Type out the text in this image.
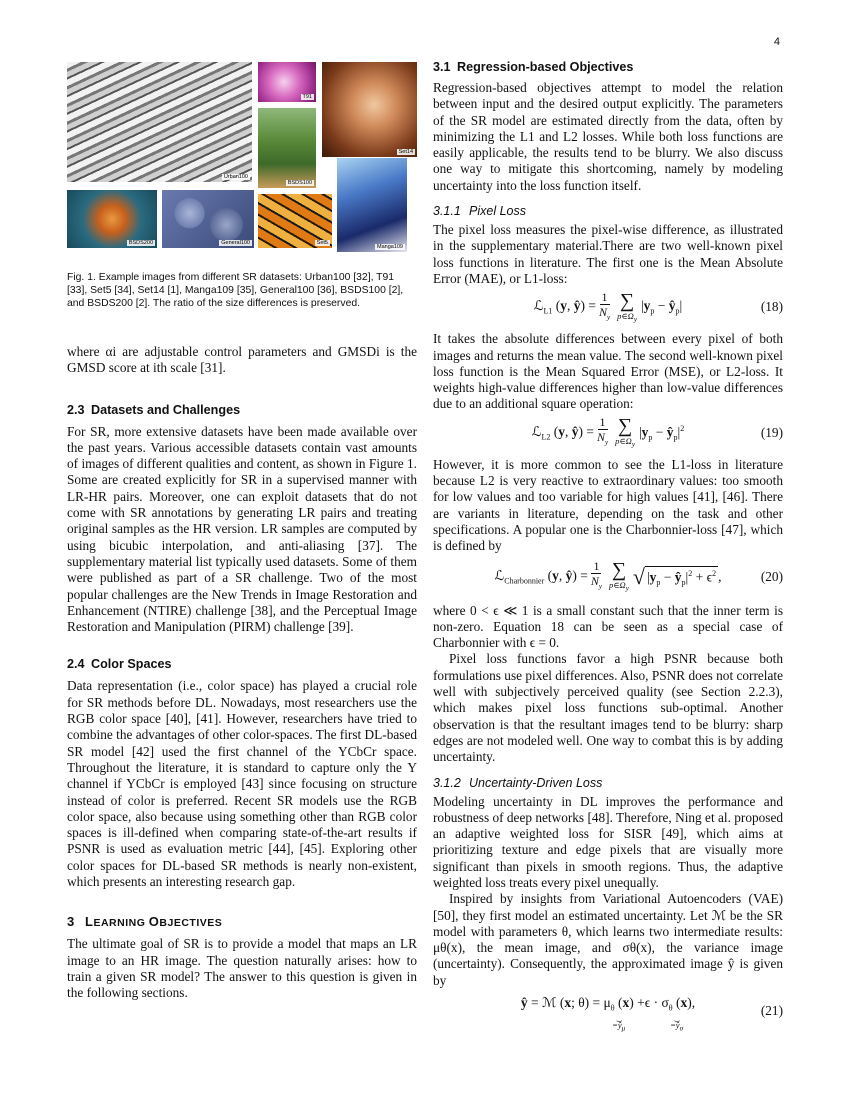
4
Urban100
T91
Set14
BSDS100
Manga109
BSDS200	General100	Set5

Fig. 1. Example images from different SR datasets: Urban100 [32], T91 [33], Set5 [34], Set14 [1], Manga109 [35], General100 [36], BSDS100 [2], and BSDS200 [2]. The ratio of the size differences is preserved.

where αi are adjustable control parameters and GMSDi is the GMSD score at ith scale [31].

2.3 Datasets and Challenges

For SR, more extensive datasets have been made available over the past years. Various accessible datasets contain vast amounts of images of different qualities and content, as shown in Figure 1. Some are created explicitly for SR in a supervised manner with LR-HR pairs. Moreover, one can exploit datasets that do not come with SR annotations by generating LR pairs and treating original samples as the HR version. LR samples are computed by using bicubic interpolation, and anti-aliasing [37]. The supplementary material list typically used datasets. Some of them were published as part of a SR challenge. Two of the most popular challenges are the New Trends in Image Restoration and Enhancement (NTIRE) challenge [38], and the Perceptual Image Restoration and Manipulation (PIRM) challenge [39].

2.4 Color Spaces

Data representation (i.e., color space) has played a crucial role for SR methods before DL. Nowadays, most researchers use the RGB color space [40], [41]. However, researchers have tried to combine the advantages of other color-spaces. The first DL-based SR model [42] used the first channel of the YCbCr space. Throughout the literature, it is standard to capture only the Y channel if YCbCr is employed [43] since focusing on structure instead of color is preferred. Recent SR models use the RGB color space, also because using something other than RGB color spaces is ill-defined when comparing state-of-the-art results if PSNR is used as evaluation metric [44], [45]. Exploring other color spaces for DL-based SR methods is nearly non-existent, which presents an interesting research gap.

3 LEARNING OBJECTIVES

The ultimate goal of SR is to provide a model that maps an LR image to an HR image. The question naturally arises: how to train a given SR model? The answer to this question is given in the following sections.

3.1 Regression-based Objectives

Regression-based objectives attempt to model the relation between input and the desired output explicitly. The parameters of the SR model are estimated directly from the data, often by minimizing the L1 and L2 losses. While both loss functions are easily applicable, the results tend to be blurry. We also discuss one way to mitigate this shortcoming, namely by modeling uncertainty into the loss function itself.

3.1.1 Pixel Loss

The pixel loss measures the pixel-wise difference, as illustrated in the supplementary material.There are two well-known pixel loss functions in literature. The first one is the Mean Absolute Error (MAE), or L1-loss:

ℒ$_{L1}$ (y, ŷ) = $\frac{1}{N_y}$ ∑
$p\in\Omega_y$
$|y_p$ − $ŷ_p|$	(18)

It takes the absolute differences between every pixel of both images and returns the mean value. The second well-known pixel loss function is the Mean Squared Error (MSE), or L2-loss. It weights high-value differences higher than low-value differences due to an additional square operation:

ℒ$_{L2}$ (y, ŷ) = $\frac{1}{N_y}$ ∑
$p\in\Omega_y$
$|y_p$ − $ŷ_p|^2$	(19)

However, it is more common to see the L1-loss in literature because L2 is very reactive to extraordinary values: too smooth for low values and too variable for high values [41], [46]. There are variants in literature, depending on the task and other specifications. A popular one is the Charbonnier-loss [47], which is defined by

ℒ$_{Charbonnier}$ (y, ŷ) = $\frac{1}{N_y}$ ∑
$p\in\Omega_y$
√ $|y_p$ − $ŷ_p|^2 + \epsilon^2$ ,	(20)

where 0 < ϵ ≪ 1 is a small constant such that the inner term is non-zero. Equation 18 can be seen as a special case of Charbonnier with ϵ = 0.

Pixel loss functions favor a high PSNR because both formulations use pixel differences. Also, PSNR does not correlate well with subjectively perceived quality (see Section 2.2.3), which makes pixel loss functions sub-optimal. Another observation is that the resultant images tend to be blurry: sharp edges are not modeled well. One way to combat this is by adding uncertainty.

3.1.2 Uncertainty-Driven Loss

Modeling uncertainty in DL improves the performance and robustness of deep networks [48]. Therefore, Ning et al. proposed an adaptive weighted loss for SISR [49], which aims at prioritizing texture and edge pixels that are visually more significant than pixels in smooth regions. Thus, the adaptive weighted loss treats every pixel unequally.

Inspired by insights from Variational Autoencoders (VAE) [50], they first model an estimated uncertainty. Let ℳ be the SR model with parameters θ, which learns two intermediate results: μθ(x), the mean image, and σθ(x), the variance image (uncertainty). Consequently, the approximated image ŷ is given by

ŷ = ℳ (x; $\theta) = \mu_\theta$ (x)
⏟
$=ŷ_\mu$
$+\epsilon \cdot \sigma_\theta$ (x)
⏟
$=ŷ_\sigma$
,
(21)
